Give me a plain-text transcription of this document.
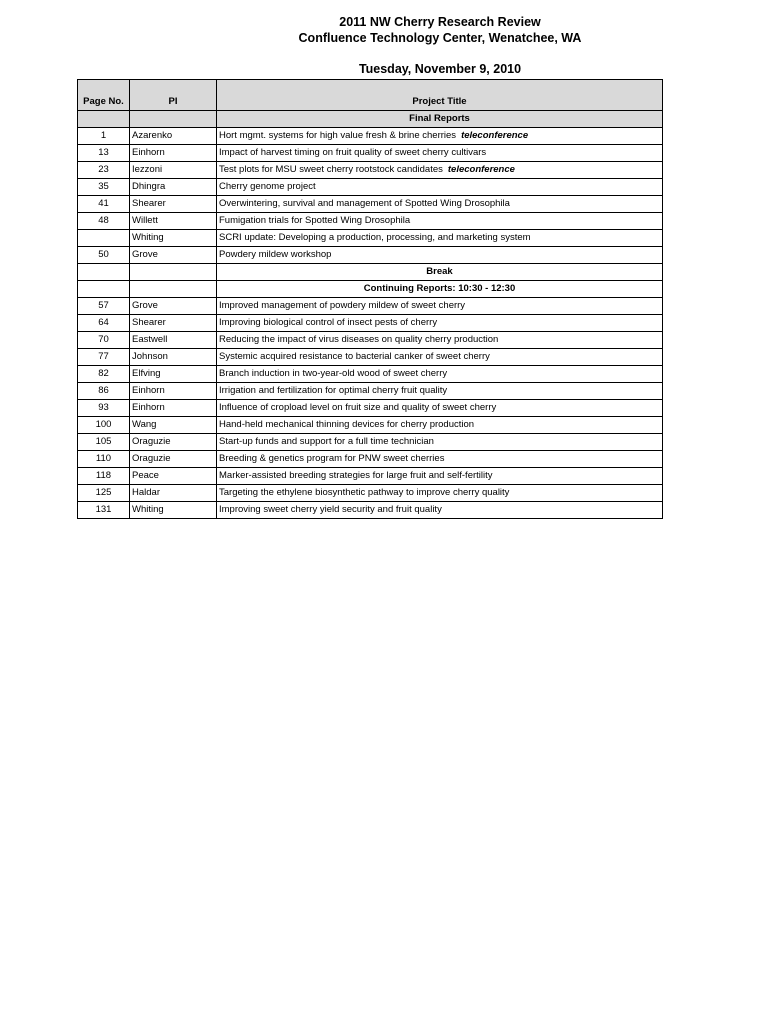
2011 NW Cherry Research Review
Confluence Technology Center, Wenatchee, WA
Tuesday, November 9, 2010
Page No.	PI	Project Title
		Final Reports
1	Azarenko	Hort mgmt. systems for high value fresh & brine cherries teleconference
13	Einhorn	Impact of harvest timing on fruit quality of sweet cherry cultivars
23	Iezzoni	Test plots for MSU sweet cherry rootstock candidates teleconference
35	Dhingra	Cherry genome project
41	Shearer	Overwintering, survival and management of Spotted Wing Drosophila
48	Willett	Fumigation trials for Spotted Wing Drosophila
	Whiting	SCRI update: Developing a production, processing, and marketing system
50	Grove	Powdery mildew workshop
		Break
		Continuing Reports: 10:30 - 12:30
57	Grove	Improved management of powdery mildew of sweet cherry
64	Shearer	Improving biological control of insect pests of cherry
70	Eastwell	Reducing the impact of virus diseases on quality cherry production
77	Johnson	Systemic acquired resistance to bacterial canker of sweet cherry
82	Elfving	Branch induction in two-year-old wood of sweet cherry
86	Einhorn	Irrigation and fertilization for optimal cherry fruit quality
93	Einhorn	Influence of cropload level on fruit size and quality of sweet cherry
100	Wang	Hand-held mechanical thinning devices for cherry production
105	Oraguzie	Start-up funds and support for a full time technician
110	Oraguzie	Breeding & genetics program for PNW sweet cherries
118	Peace	Marker-assisted breeding strategies for large fruit and self-fertility
125	Haldar	Targeting the ethylene biosynthetic pathway to improve cherry quality
131	Whiting	Improving sweet cherry yield security and fruit quality
